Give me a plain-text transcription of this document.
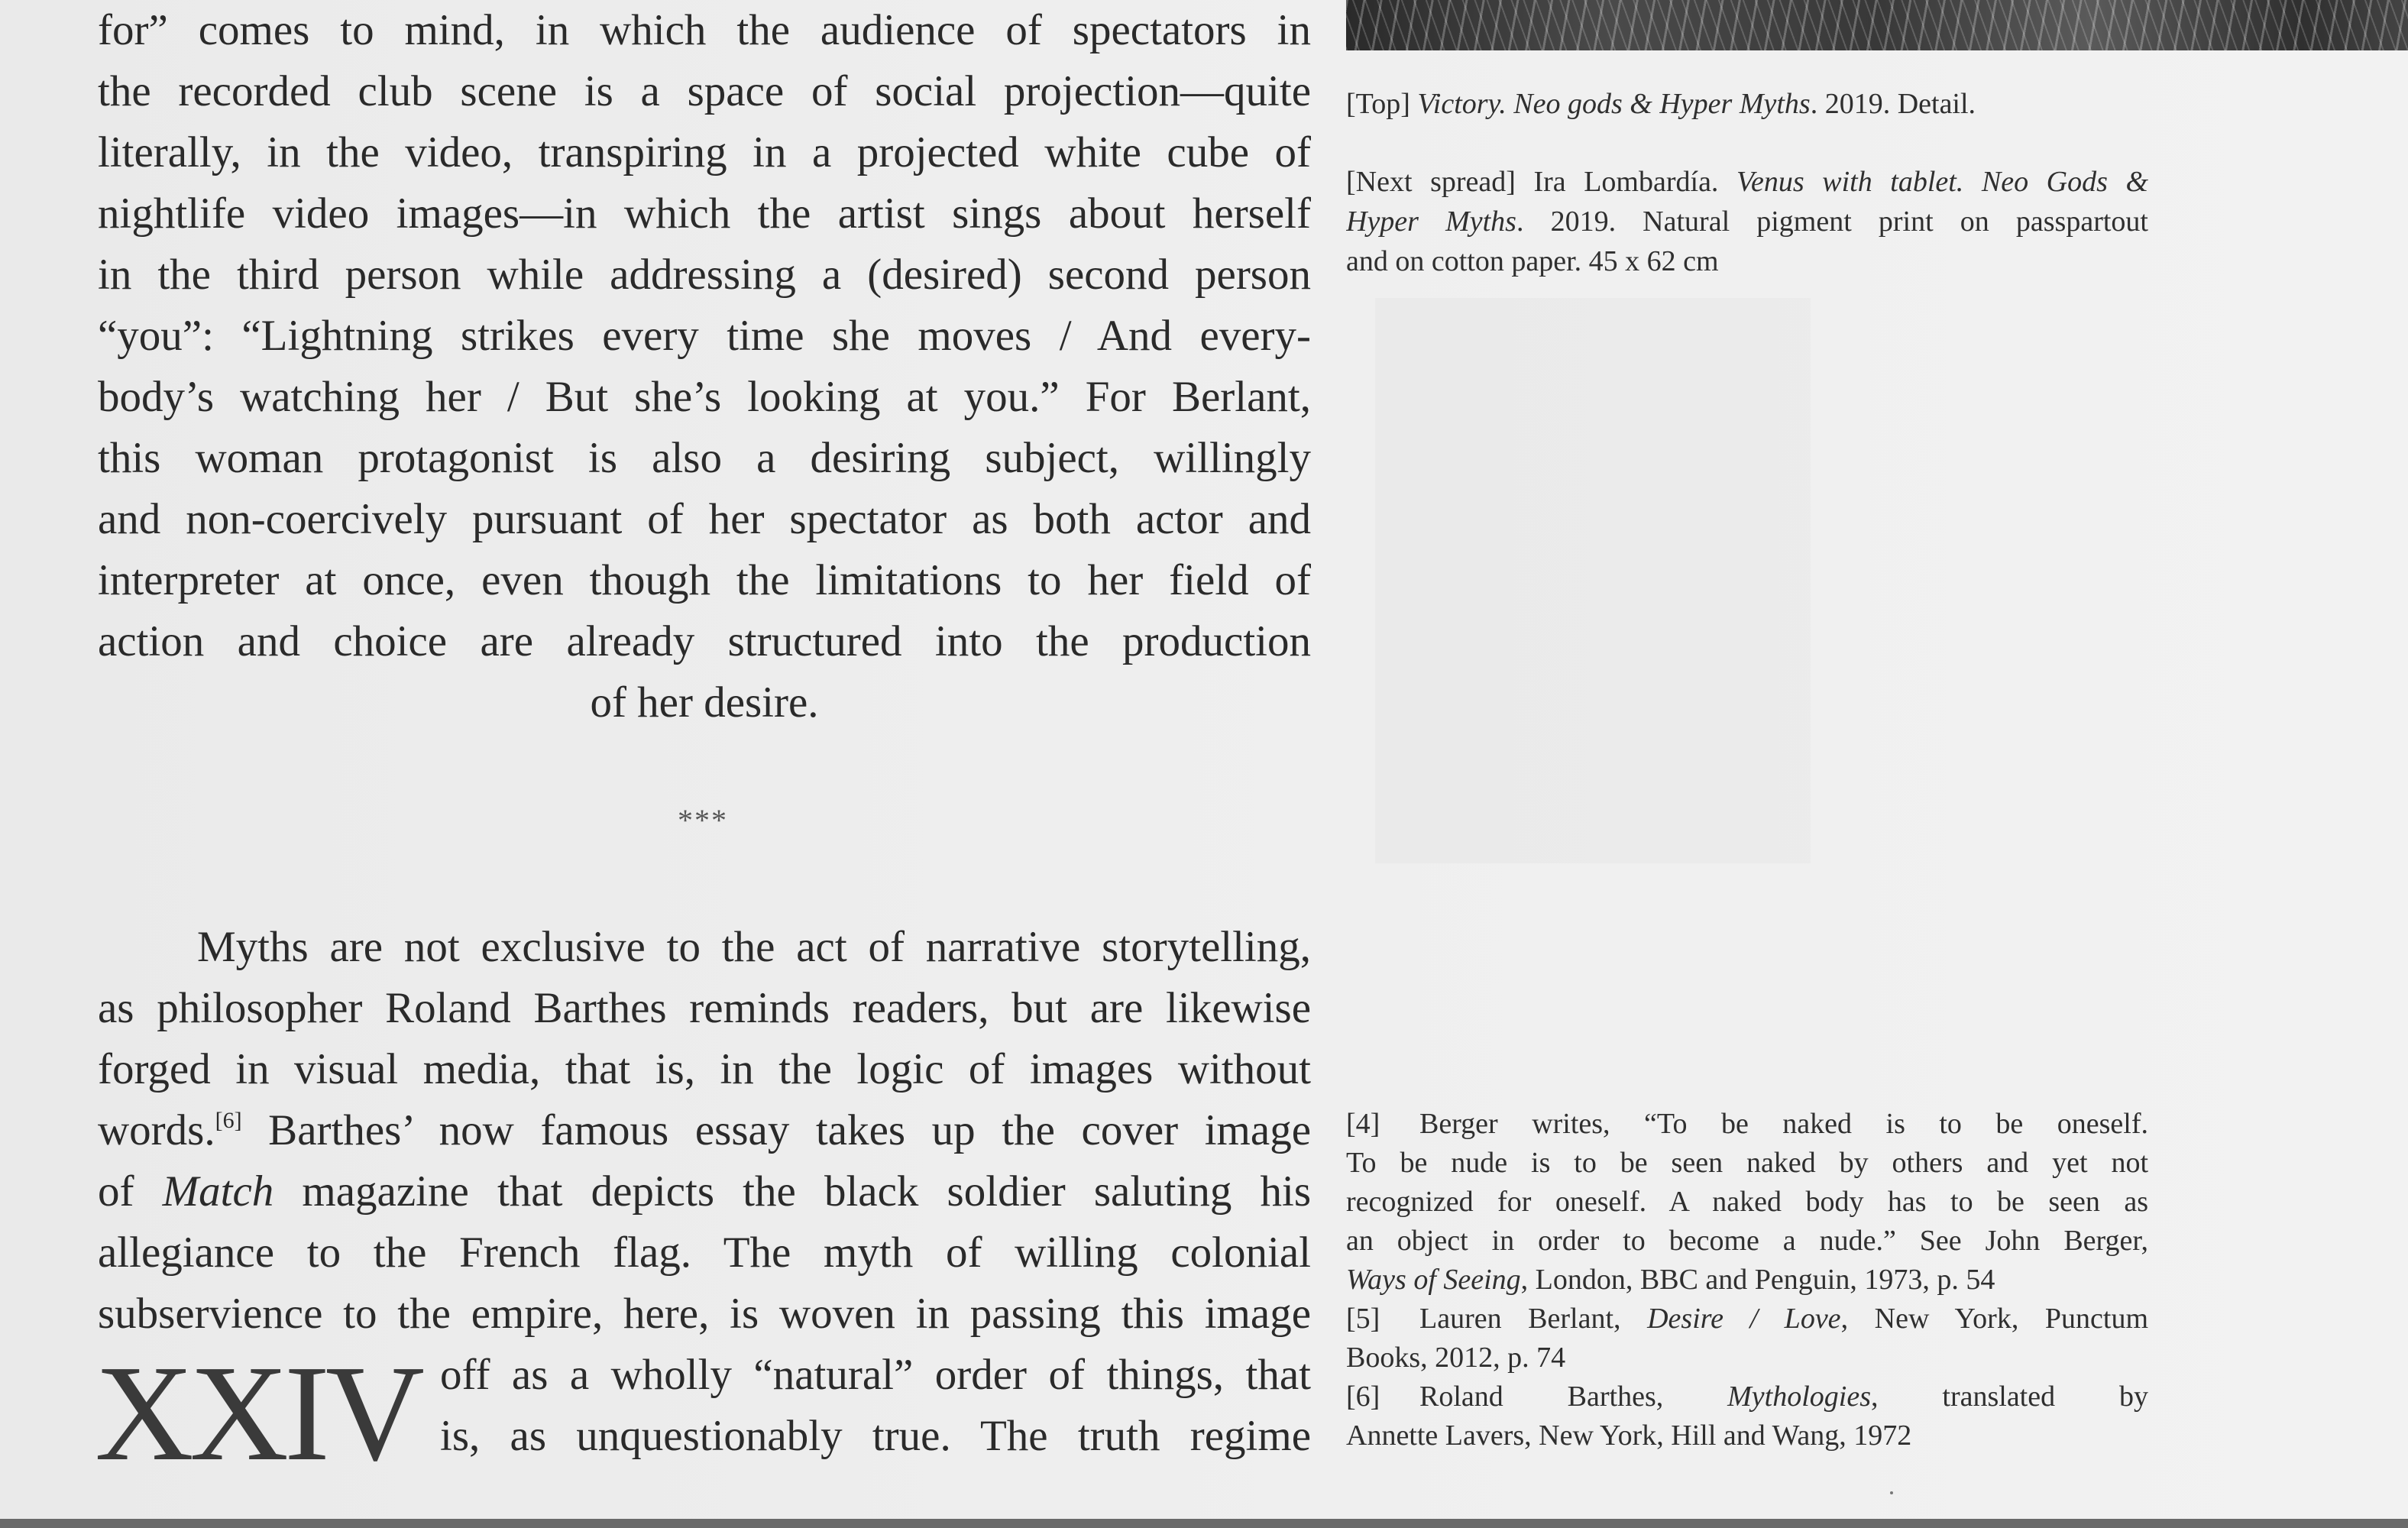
for” comes to mind, in which the audience of spectators in
the recorded club scene is a space of social projection—quite
literally, in the video, transpiring in a projected white cube of
nightlife video images—in which the artist sings about herself
in the third person while addressing a (desired) second person
“you”: “Lightning strikes every time she moves / And every-
body’s watching her / But she’s looking at you.” For Berlant,
this woman protagonist is also a desiring subject, willingly
and non-coercively pursuant of her spectator as both actor and
interpreter at once, even though the limitations to her field of
action and choice are already structured into the production
of her desire.
***
Myths are not exclusive to the act of narrative storytelling,
as philosopher Roland Barthes reminds readers, but are likewise
forged in visual media, that is, in the logic of images without
words.[6] Barthes’ now famous essay takes up the cover image
of Match magazine that depicts the black soldier saluting his
allegiance to the French flag. The myth of willing colonial
subservience to the empire, here, is woven in passing this image
off as a wholly “natural” order of things, that
is, as unquestionably true. The truth regime
XXIV
[Top] Victory. Neo gods & Hyper Myths. 2019. Detail.
[Next spread] Ira Lombardía. Venus with tablet. Neo Gods &
Hyper Myths. 2019. Natural pigment print on passpartout
and on cotton paper. 45 x 62 cm
[4] Berger writes, “To be naked is to be oneself.
To be nude is to be seen naked by others and yet not
recognized for oneself. A naked body has to be seen as
an object in order to become a nude.” See John Berger,
Ways of Seeing, London, BBC and Penguin, 1973, p. 54
[5] Lauren Berlant, Desire / Love, New York, Punctum
Books, 2012, p. 74
[6] Roland Barthes, Mythologies, translated by
Annette Lavers, New York, Hill and Wang, 1972
